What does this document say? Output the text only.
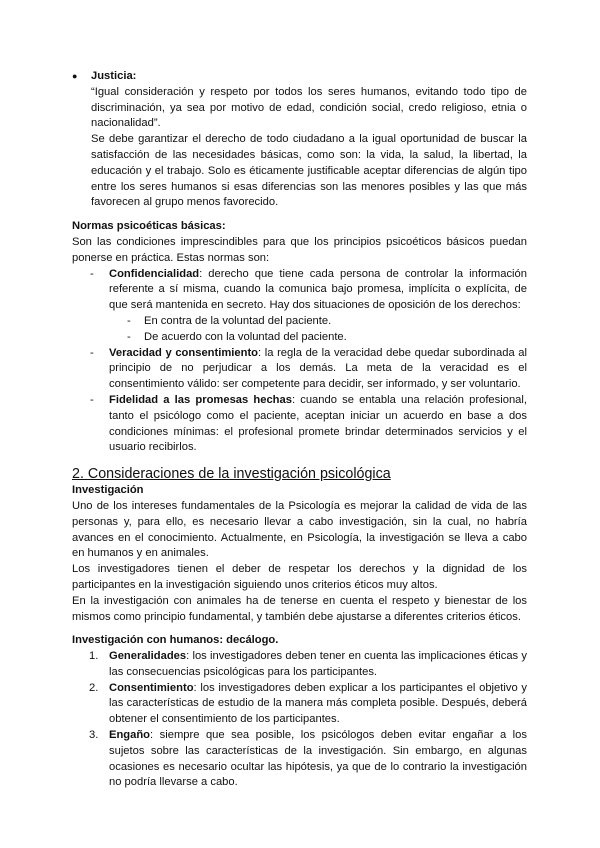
● Justicia:
“Igual consideración y respeto por todos los seres humanos, evitando todo tipo de discriminación, ya sea por motivo de edad, condición social, credo religioso, etnia o nacionalidad”.
Se debe garantizar el derecho de todo ciudadano a la igual oportunidad de buscar la satisfacción de las necesidades básicas, como son: la vida, la salud, la libertad, la educación y el trabajo. Solo es éticamente justificable aceptar diferencias de algún tipo entre los seres humanos si esas diferencias son las menores posibles y las que más favorecen al grupo menos favorecido.
Normas psicoéticas básicas:
Son las condiciones imprescindibles para que los principios psicoéticos básicos puedan ponerse en práctica. Estas normas son:
- Confidencialidad: derecho que tiene cada persona de controlar la información referente a sí misma, cuando la comunica bajo promesa, implícita o explícita, de que será mantenida en secreto. Hay dos situaciones de oposición de los derechos:
- En contra de la voluntad del paciente.
- De acuerdo con la voluntad del paciente.
- Veracidad y consentimiento: la regla de la veracidad debe quedar subordinada al principio de no perjudicar a los demás. La meta de la veracidad es el consentimiento válido: ser competente para decidir, ser informado, y ser voluntario.
- Fidelidad a las promesas hechas: cuando se entabla una relación profesional, tanto el psicólogo como el paciente, aceptan iniciar un acuerdo en base a dos condiciones mínimas: el profesional promete brindar determinados servicios y el usuario recibirlos.
2. Consideraciones de la investigación psicológica
Investigación
Uno de los intereses fundamentales de la Psicología es mejorar la calidad de vida de las personas y, para ello, es necesario llevar a cabo investigación, sin la cual, no habría avances en el conocimiento. Actualmente, en Psicología, la investigación se lleva a cabo en humanos y en animales.
Los investigadores tienen el deber de respetar los derechos y la dignidad de los participantes en la investigación siguiendo unos criterios éticos muy altos.
En la investigación con animales ha de tenerse en cuenta el respeto y bienestar de los mismos como principio fundamental, y también debe ajustarse a diferentes criterios éticos.
Investigación con humanos: decálogo.
1. Generalidades: los investigadores deben tener en cuenta las implicaciones éticas y las consecuencias psicológicas para los participantes.
2. Consentimiento: los investigadores deben explicar a los participantes el objetivo y las características de estudio de la manera más completa posible. Después, deberá obtener el consentimiento de los participantes.
3. Engaño: siempre que sea posible, los psicólogos deben evitar engañar a los sujetos sobre las características de la investigación. Sin embargo, en algunas ocasiones es necesario ocultar las hipótesis, ya que de lo contrario la investigación no podría llevarse a cabo.
